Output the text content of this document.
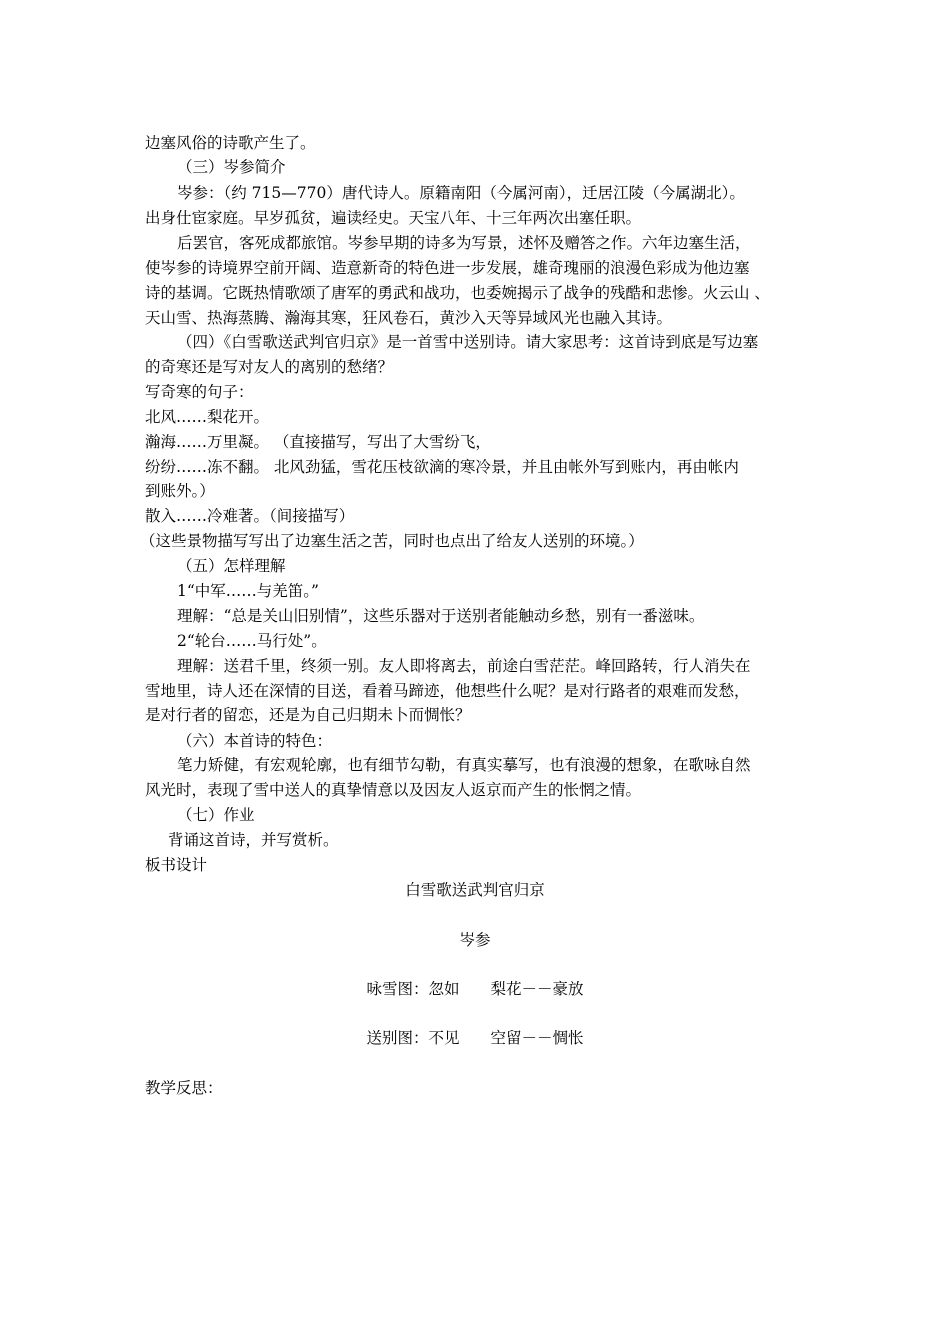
边塞风俗的诗歌产生了。
（三）岑参简介
岑参：（约 715—770）唐代诗人。原籍南阳（今属河南），迁居江陵（今属湖北）。
出身仕宦家庭。早岁孤贫，遍读经史。天宝八年、十三年两次出塞任职。
后罢官，客死成都旅馆。岑参早期的诗多为写景，述怀及赠答之作。六年边塞生活，
使岑参的诗境界空前开阔、造意新奇的特色进一步发展，雄奇瑰丽的浪漫色彩成为他边塞
诗的基调。它既热情歌颂了唐军的勇武和战功，也委婉揭示了战争的残酷和悲惨。火云山 、
天山雪、热海蒸腾、瀚海其寒，狂风卷石，黄沙入天等异域风光也融入其诗。
（四）《白雪歌送武判官归京》是一首雪中送别诗。请大家思考：这首诗到底是写边塞
的奇寒还是写对友人的离别的愁绪？
写奇寒的句子：
北风……梨花开。
瀚海……万里凝。 （直接描写，写出了大雪纷飞，
纷纷……冻不翻。 北风劲猛，雪花压枝欲滴的寒冷景，并且由帐外写到账内，再由帐内
到账外。）
散入……冷难著。（间接描写）
（这些景物描写写出了边塞生活之苦，同时也点出了给友人送别的环境。）
（五）怎样理解
1“中军……与羌笛。”
理解：“总是关山旧别情”，这些乐器对于送别者能触动乡愁，别有一番滋味。
2“轮台……马行处”。
理解：送君千里，终须一别。友人即将离去，前途白雪茫茫。峰回路转，行人消失在
雪地里，诗人还在深情的目送，看着马蹄迹，他想些什么呢？是对行路者的艰难而发愁，
是对行者的留恋，还是为自己归期未卜而惆怅？
（六）本首诗的特色：
笔力矫健，有宏观轮廓，也有细节勾勒，有真实摹写，也有浪漫的想象，在歌咏自然
风光时，表现了雪中送人的真挚情意以及因友人返京而产生的怅惘之情。
（七）作业
背诵这首诗，并写赏析。
板书设计
白雪歌送武判官归京
岑参
咏雪图：忽如　　梨花－－豪放
送别图：不见　　空留－－惆怅
教学反思：
